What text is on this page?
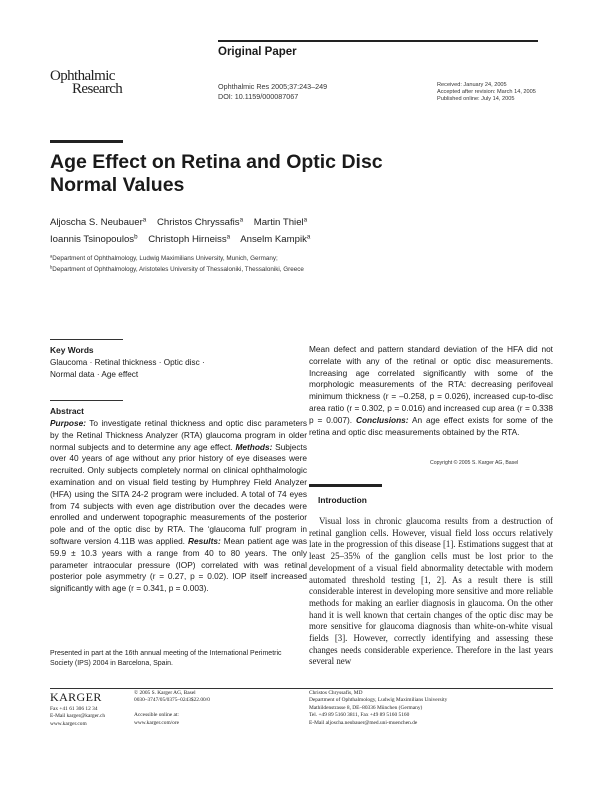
Original Paper
Ophthalmic
Research	Ophthalmic Res 2005;37:243–249
DOI: 10.1159/000087067
Received: January 24, 2005
Accepted after revision: March 14, 2005
Published online: July 14, 2005
Age Effect on Retina and Optic Disc
Normal Values
Aljoscha S. Neubauer$^a$ Christos Chryssafis$^a$ Martin Thiel$^a$
Ioannis Tsinopoulos$^b$ Christoph Hirneiss$^a$ Anselm Kampik$^a$
$^a$Department of Ophthalmology, Ludwig Maximilians University, Munich, Germany;
$^b$Department of Ophthalmology, Aristoteles University of Thessaloniki, Thessaloniki, Greece
Key Words
Glaucoma · Retinal thickness · Optic disc ·
Normal data · Age effect
Abstract
Purpose: To investigate retinal thickness and optic disc parameters by the Retinal Thickness Analyzer (RTA) glaucoma program in older normal subjects and to determine any age effect. Methods: Subjects over 40 years of age without any prior history of eye diseases were recruited. Only subjects completely normal on clinical ophthalmologic examination and on visual field testing by Humphrey Field Analyzer (HFA) using the SITA 24-2 program were included. A total of 74 eyes from 74 subjects with even age distribution over the decades were enrolled and underwent topographic measurements of the posterior pole and of the optic disc by RTA. The ‘glaucoma full’ program in software version 4.11B was applied. Results: Mean patient age was 59.9 ± 10.3 years with a range from 40 to 80 years. The only parameter intraocular pressure (IOP) correlated with was retinal posterior pole asymmetry (r = 0.27, p = 0.02). IOP itself increased significantly with age (r = 0.341, p = 0.003).
Mean defect and pattern standard deviation of the HFA did not correlate with any of the retinal or optic disc measurements. Increasing age correlated significantly with some of the morphologic measurements of the RTA: decreasing perifoveal minimum thickness (r = –0.258, p = 0.026), increased cup-to-disc area ratio (r = 0.302, p = 0.016) and increased cup area (r = 0.338 p = 0.007). Conclusions: An age effect exists for some of the retina and optic disc measurements obtained by the RTA.
Copyright © 2005 S. Karger AG, Basel
Introduction
Visual loss in chronic glaucoma results from a destruction of retinal ganglion cells. However, visual field loss occurs relatively late in the progression of this disease [1]. Estimations suggest that at least 25–35% of the ganglion cells must be lost prior to the development of a visual field abnormality detectable with modern automated threshold testing [1, 2]. As a result there is still considerable interest in developing more sensitive and more reliable methods for making an earlier diagnosis in glaucoma. On the other hand it is well known that certain changes of the optic disc may be more sensitive for glaucoma diagnosis than white-on-white visual fields [3]. However, correctly identifying and assessing these changes needs considerable experience. Therefore in the last years several new
Presented in part at the 16th annual meeting of the International Perimetric Society (IPS) 2004 in Barcelona, Spain.
KARGER
Fax +41 61 306 12 34
E-Mail karger@karger.ch
www.karger.com
© 2005 S. Karger AG, Basel
0030–3747/05/0375–0243$22.00/0
Accessible online at:
www.karger.com/ore
Christos Chryssafis, MD
Department of Ophthalmology, Ludwig Maximilians University
Mathildenstrasse 8, DE–80336 München (Germany)
Tel. +49 89 5160 3811, Fax +49 89 5160 5160
E-Mail aljoscha.neubauer@med.uni-muenchen.de
